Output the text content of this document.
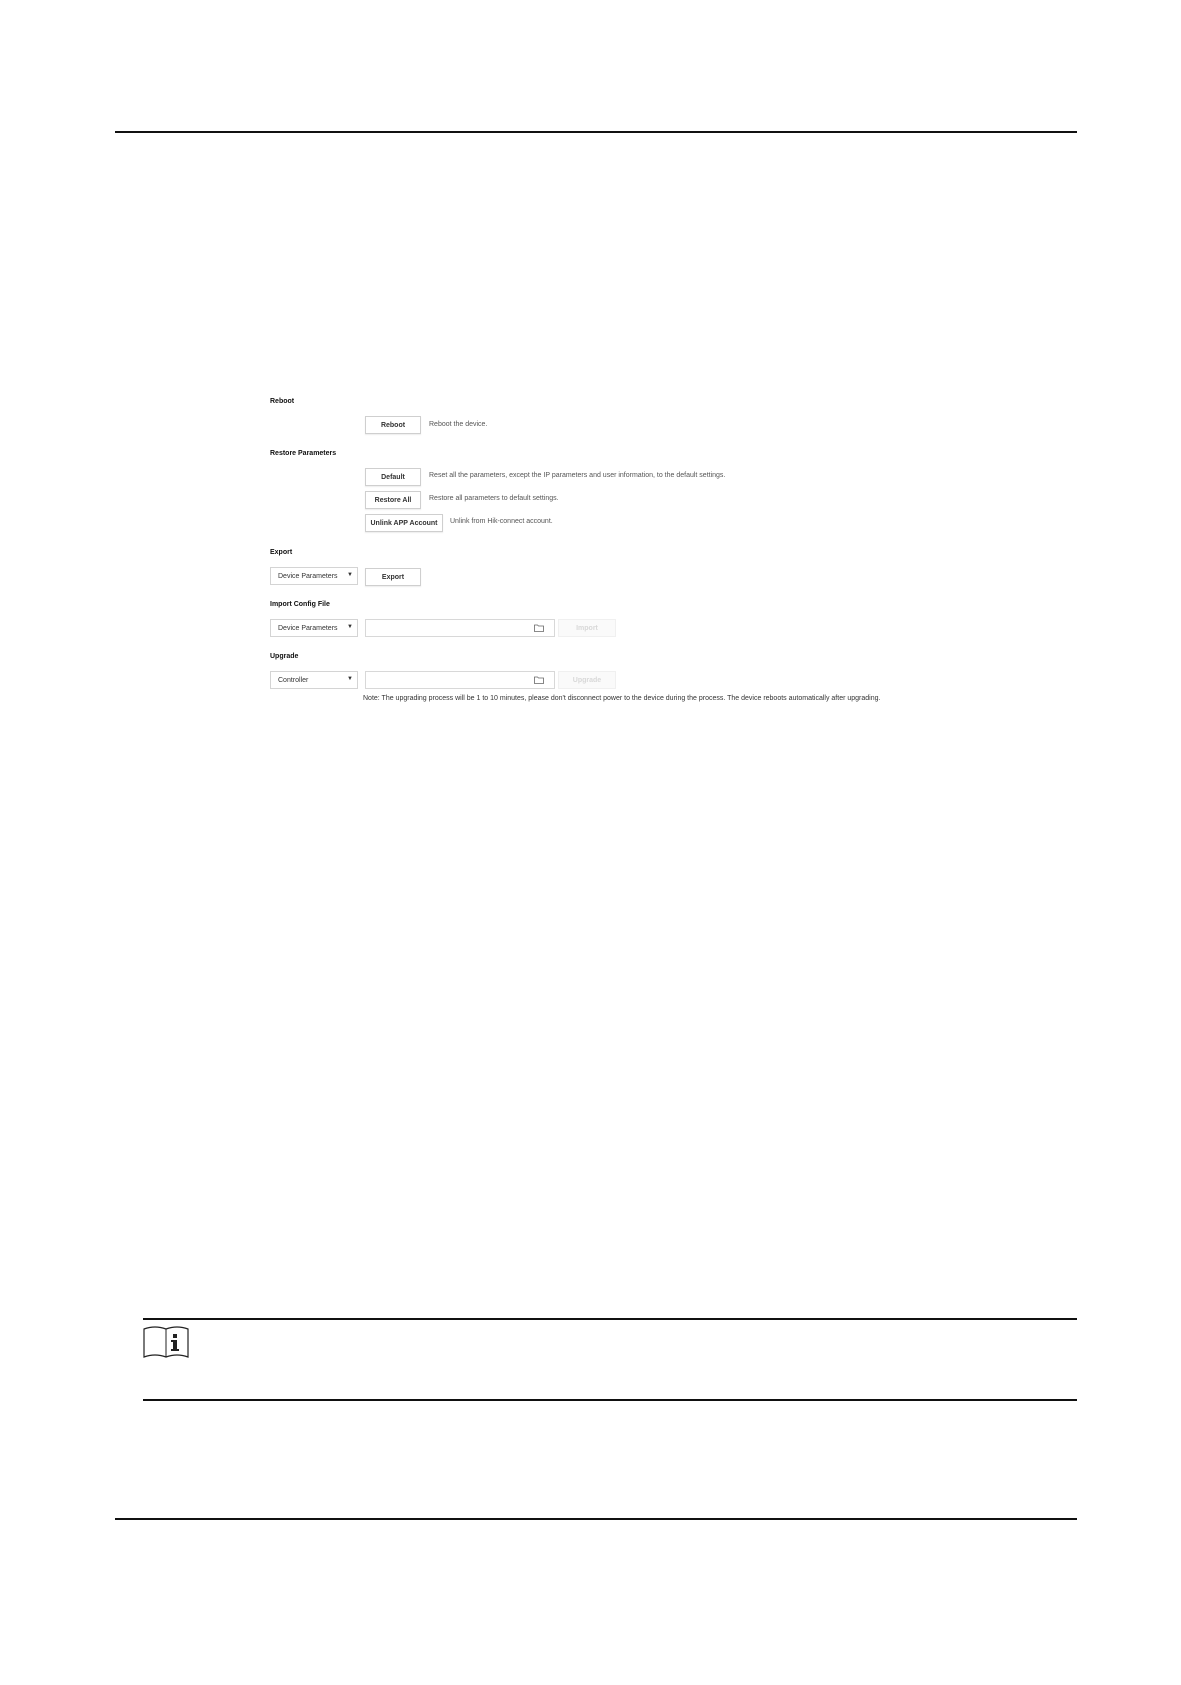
Reboot
Reboot	Reboot the device.
Restore Parameters
Default	Reset all the parameters, except the IP parameters and user information, to the default settings.
Restore All	Restore all parameters to default settings.
Unlink APP Account	Unlink from Hik-connect account.
Export
Device Parameters ▼	Export
Import Config File
Device Parameters ▼	Import
Upgrade
Controller	▼	Upgrade
Note: The upgrading process will be 1 to 10 minutes, please don't disconnect power to the device during the process. The device reboots automatically after upgrading.
